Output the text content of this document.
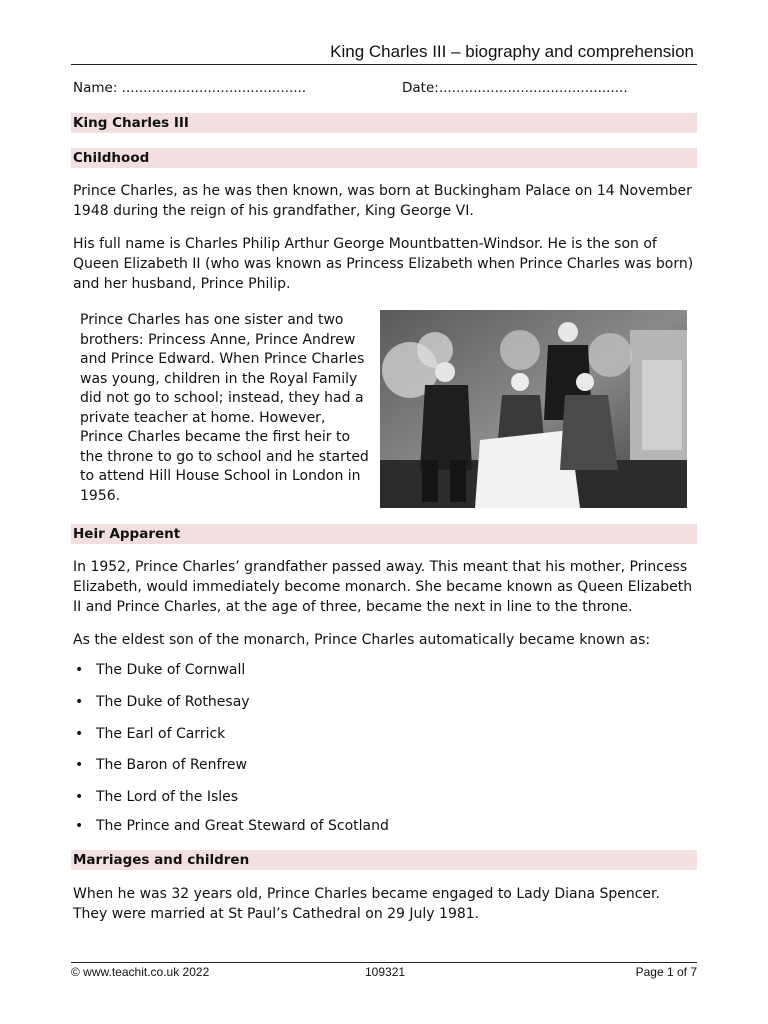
King Charles III – biography and comprehension
Name: ...........................................	Date:............................................
King Charles III
Childhood

Prince Charles, as he was then known, was born at Buckingham Palace on 14 November 1948 during the reign of his grandfather, King George VI.

His full name is Charles Philip Arthur George Mountbatten-Windsor. He is the son of Queen Elizabeth II (who was known as Princess Elizabeth when Prince Charles was born) and her husband, Prince Philip.

Prince Charles has one sister and two brothers: Princess Anne, Prince Andrew and Prince Edward. When Prince Charles was young, children in the Royal Family did not go to school; instead, they had a private teacher at home. However, Prince Charles became the first heir to the throne to go to school and he started to attend Hill House School in London in 1956.

Heir Apparent

In 1952, Prince Charles’ grandfather passed away. This meant that his mother, Princess Elizabeth, would immediately become monarch. She became known as Queen Elizabeth II and Prince Charles, at the age of three, became the next in line to the throne.

As the eldest son of the monarch, Prince Charles automatically became known as:

• The Duke of Cornwall
• The Duke of Rothesay
• The Earl of Carrick
• The Baron of Renfrew
• The Lord of the Isles
• The Prince and Great Steward of Scotland
Marriages and children

When he was 32 years old, Prince Charles became engaged to Lady Diana Spencer. They were married at St Paul’s Cathedral on 29 July 1981.

© www.teachit.co.uk 2022	109321	Page 1 of 7
